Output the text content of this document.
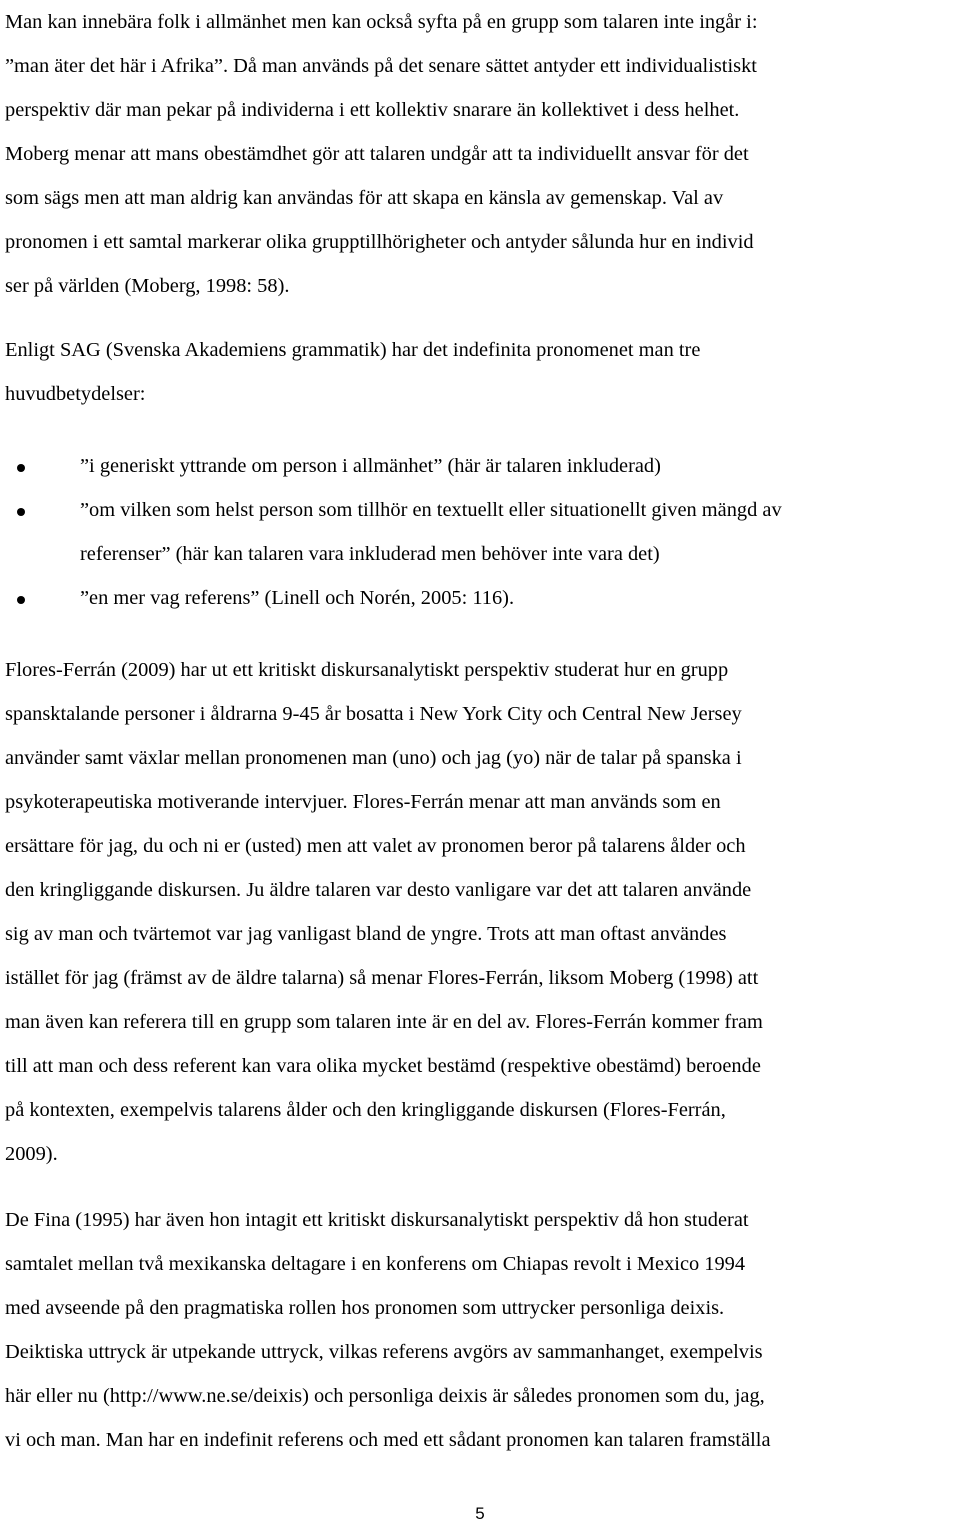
Man kan innebära folk i allmänhet men kan också syfta på en grupp som talaren inte ingår i:
”man äter det här i Afrika”. Då man används på det senare sättet antyder ett individualistiskt
perspektiv där man pekar på individerna i ett kollektiv snarare än kollektivet i dess helhet.
Moberg menar att mans obestämdhet gör att talaren undgår att ta individuellt ansvar för det
som sägs men att man aldrig kan användas för att skapa en känsla av gemenskap. Val av
pronomen i ett samtal markerar olika grupptillhörigheter och antyder sålunda hur en individ
ser på världen (Moberg, 1998: 58).
Enligt SAG (Svenska Akademiens grammatik) har det indefinita pronomenet man tre
huvudbetydelser:
”i generiskt yttrande om person i allmänhet” (här är talaren inkluderad)
”om vilken som helst person som tillhör en textuellt eller situationellt given mängd av
referenser” (här kan talaren vara inkluderad men behöver inte vara det)
”en mer vag referens” (Linell och Norén, 2005: 116).
Flores-Ferrán (2009) har ut ett kritiskt diskursanalytiskt perspektiv studerat hur en grupp
spansktalande personer i åldrarna 9-45 år bosatta i New York City och Central New Jersey
använder samt växlar mellan pronomenen man (uno) och jag (yo) när de talar på spanska i
psykoterapeutiska motiverande intervjuer. Flores-Ferrán menar att man används som en
ersättare för jag, du och ni er (usted) men att valet av pronomen beror på talarens ålder och
den kringliggande diskursen. Ju äldre talaren var desto vanligare var det att talaren använde
sig av man och tvärtemot var jag vanligast bland de yngre. Trots att man oftast användes
istället för jag (främst av de äldre talarna) så menar Flores-Ferrán, liksom Moberg (1998) att
man även kan referera till en grupp som talaren inte är en del av. Flores-Ferrán kommer fram
till att man och dess referent kan vara olika mycket bestämd (respektive obestämd) beroende
på kontexten, exempelvis talarens ålder och den kringliggande diskursen (Flores-Ferrán,
2009).
De Fina (1995) har även hon intagit ett kritiskt diskursanalytiskt perspektiv då hon studerat
samtalet mellan två mexikanska deltagare i en konferens om Chiapas revolt i Mexico 1994
med avseende på den pragmatiska rollen hos pronomen som uttrycker personliga deixis.
Deiktiska uttryck är utpekande uttryck, vilkas referens avgörs av sammanhanget, exempelvis
här eller nu (http://www.ne.se/deixis) och personliga deixis är således pronomen som du, jag,
vi och man. Man har en indefinit referens och med ett sådant pronomen kan talaren framställa
5
